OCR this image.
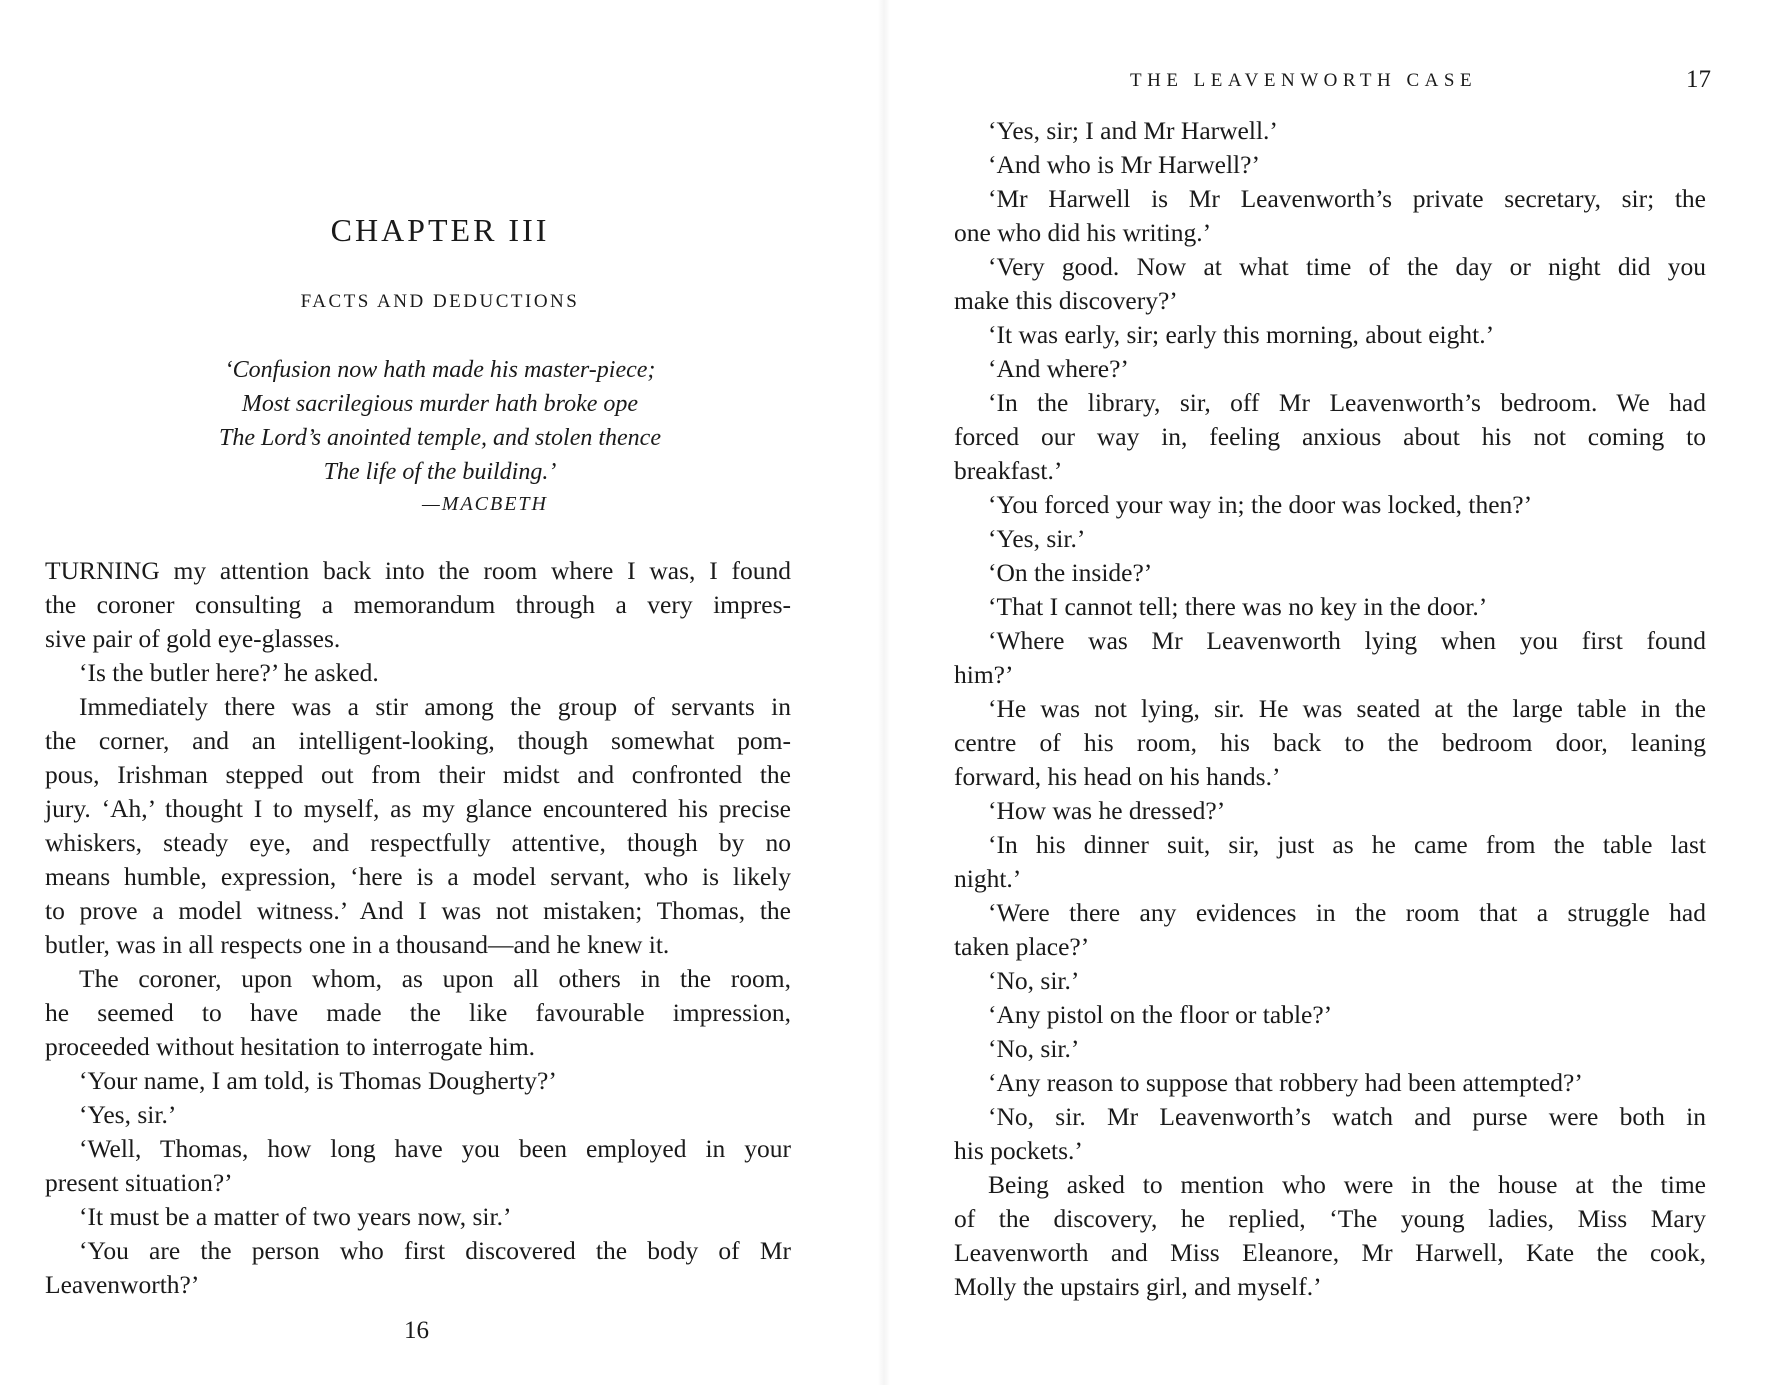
CHAPTER III
FACTS AND DEDUCTIONS
‘Confusion now hath made his master-piece;
Most sacrilegious murder hath broke ope
The Lord’s anointed temple, and stolen thence
The life of the building.’
—MACBETH
TURNING my attention back into the room where I was, I found
the coroner consulting a memorandum through a very impres-
sive pair of gold eye-glasses.
‘Is the butler here?’ he asked.
Immediately there was a stir among the group of servants in
the corner, and an intelligent-looking, though somewhat pom-
pous, Irishman stepped out from their midst and confronted the
jury. ‘Ah,’ thought I to myself, as my glance encountered his precise
whiskers, steady eye, and respectfully attentive, though by no
means humble, expression, ‘here is a model servant, who is likely
to prove a model witness.’ And I was not mistaken; Thomas, the
butler, was in all respects one in a thousand—and he knew it.
The coroner, upon whom, as upon all others in the room,
he seemed to have made the like favourable impression,
proceeded without hesitation to interrogate him.
‘Your name, I am told, is Thomas Dougherty?’
‘Yes, sir.’
‘Well, Thomas, how long have you been employed in your
present situation?’
‘It must be a matter of two years now, sir.’
‘You are the person who first discovered the body of Mr
Leavenworth?’
16
THE LEAVENWORTH CASE	17
‘Yes, sir; I and Mr Harwell.’
‘And who is Mr Harwell?’
‘Mr Harwell is Mr Leavenworth’s private secretary, sir; the
one who did his writing.’
‘Very good. Now at what time of the day or night did you
make this discovery?’
‘It was early, sir; early this morning, about eight.’
‘And where?’
‘In the library, sir, off Mr Leavenworth’s bedroom. We had
forced our way in, feeling anxious about his not coming to
breakfast.’
‘You forced your way in; the door was locked, then?’
‘Yes, sir.’
‘On the inside?’
‘That I cannot tell; there was no key in the door.’
‘Where was Mr Leavenworth lying when you first found
him?’
‘He was not lying, sir. He was seated at the large table in the
centre of his room, his back to the bedroom door, leaning
forward, his head on his hands.’
‘How was he dressed?’
‘In his dinner suit, sir, just as he came from the table last
night.’
‘Were there any evidences in the room that a struggle had
taken place?’
‘No, sir.’
‘Any pistol on the floor or table?’
‘No, sir.’
‘Any reason to suppose that robbery had been attempted?’
‘No, sir. Mr Leavenworth’s watch and purse were both in
his pockets.’
Being asked to mention who were in the house at the time
of the discovery, he replied, ‘The young ladies, Miss Mary
Leavenworth and Miss Eleanore, Mr Harwell, Kate the cook,
Molly the upstairs girl, and myself.’
